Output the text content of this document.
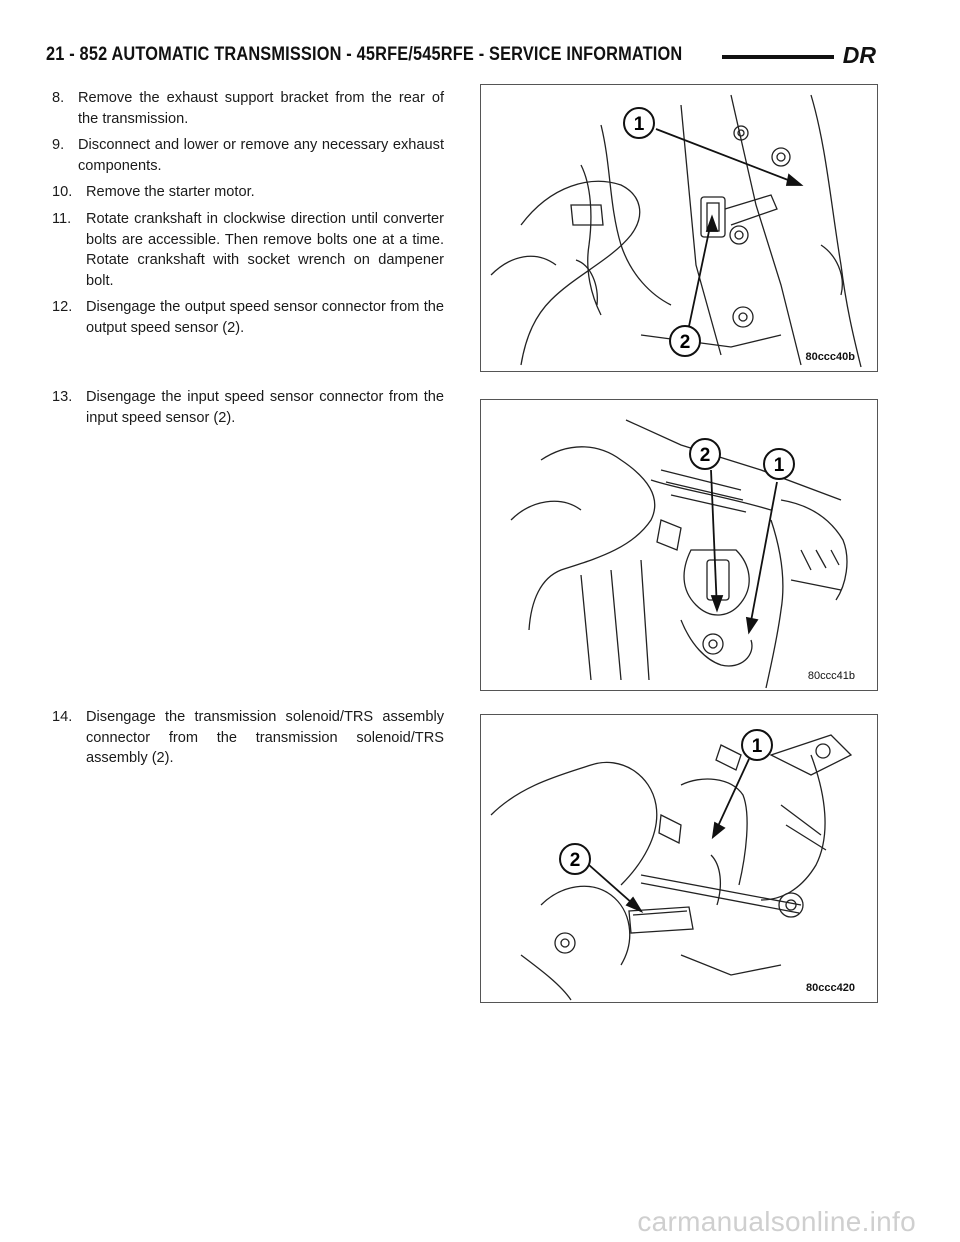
21 - 852 AUTOMATIC TRANSMISSION - 45RFE/545RFE - SERVICE INFORMATION	DR
8. Remove the exhaust support bracket from the rear of the transmission.
9. Disconnect and lower or remove any necessary exhaust components.
10. Remove the starter motor.
11.	Rotate crankshaft in clockwise direction until converter bolts are accessible. Then remove bolts one at a time. Rotate crankshaft with socket wrench on dampener bolt.
12. Disengage the output speed sensor connector from the output speed sensor (2).
13. Disengage the input speed sensor connector from the input speed sensor (2).
14. Disengage the transmission solenoid/TRS assembly connector from the transmission solenoid/TRS assembly (2).
1
2
80ccc40b
2	1
80ccc41b
1
2
80ccc420
carmanualsonline.info
